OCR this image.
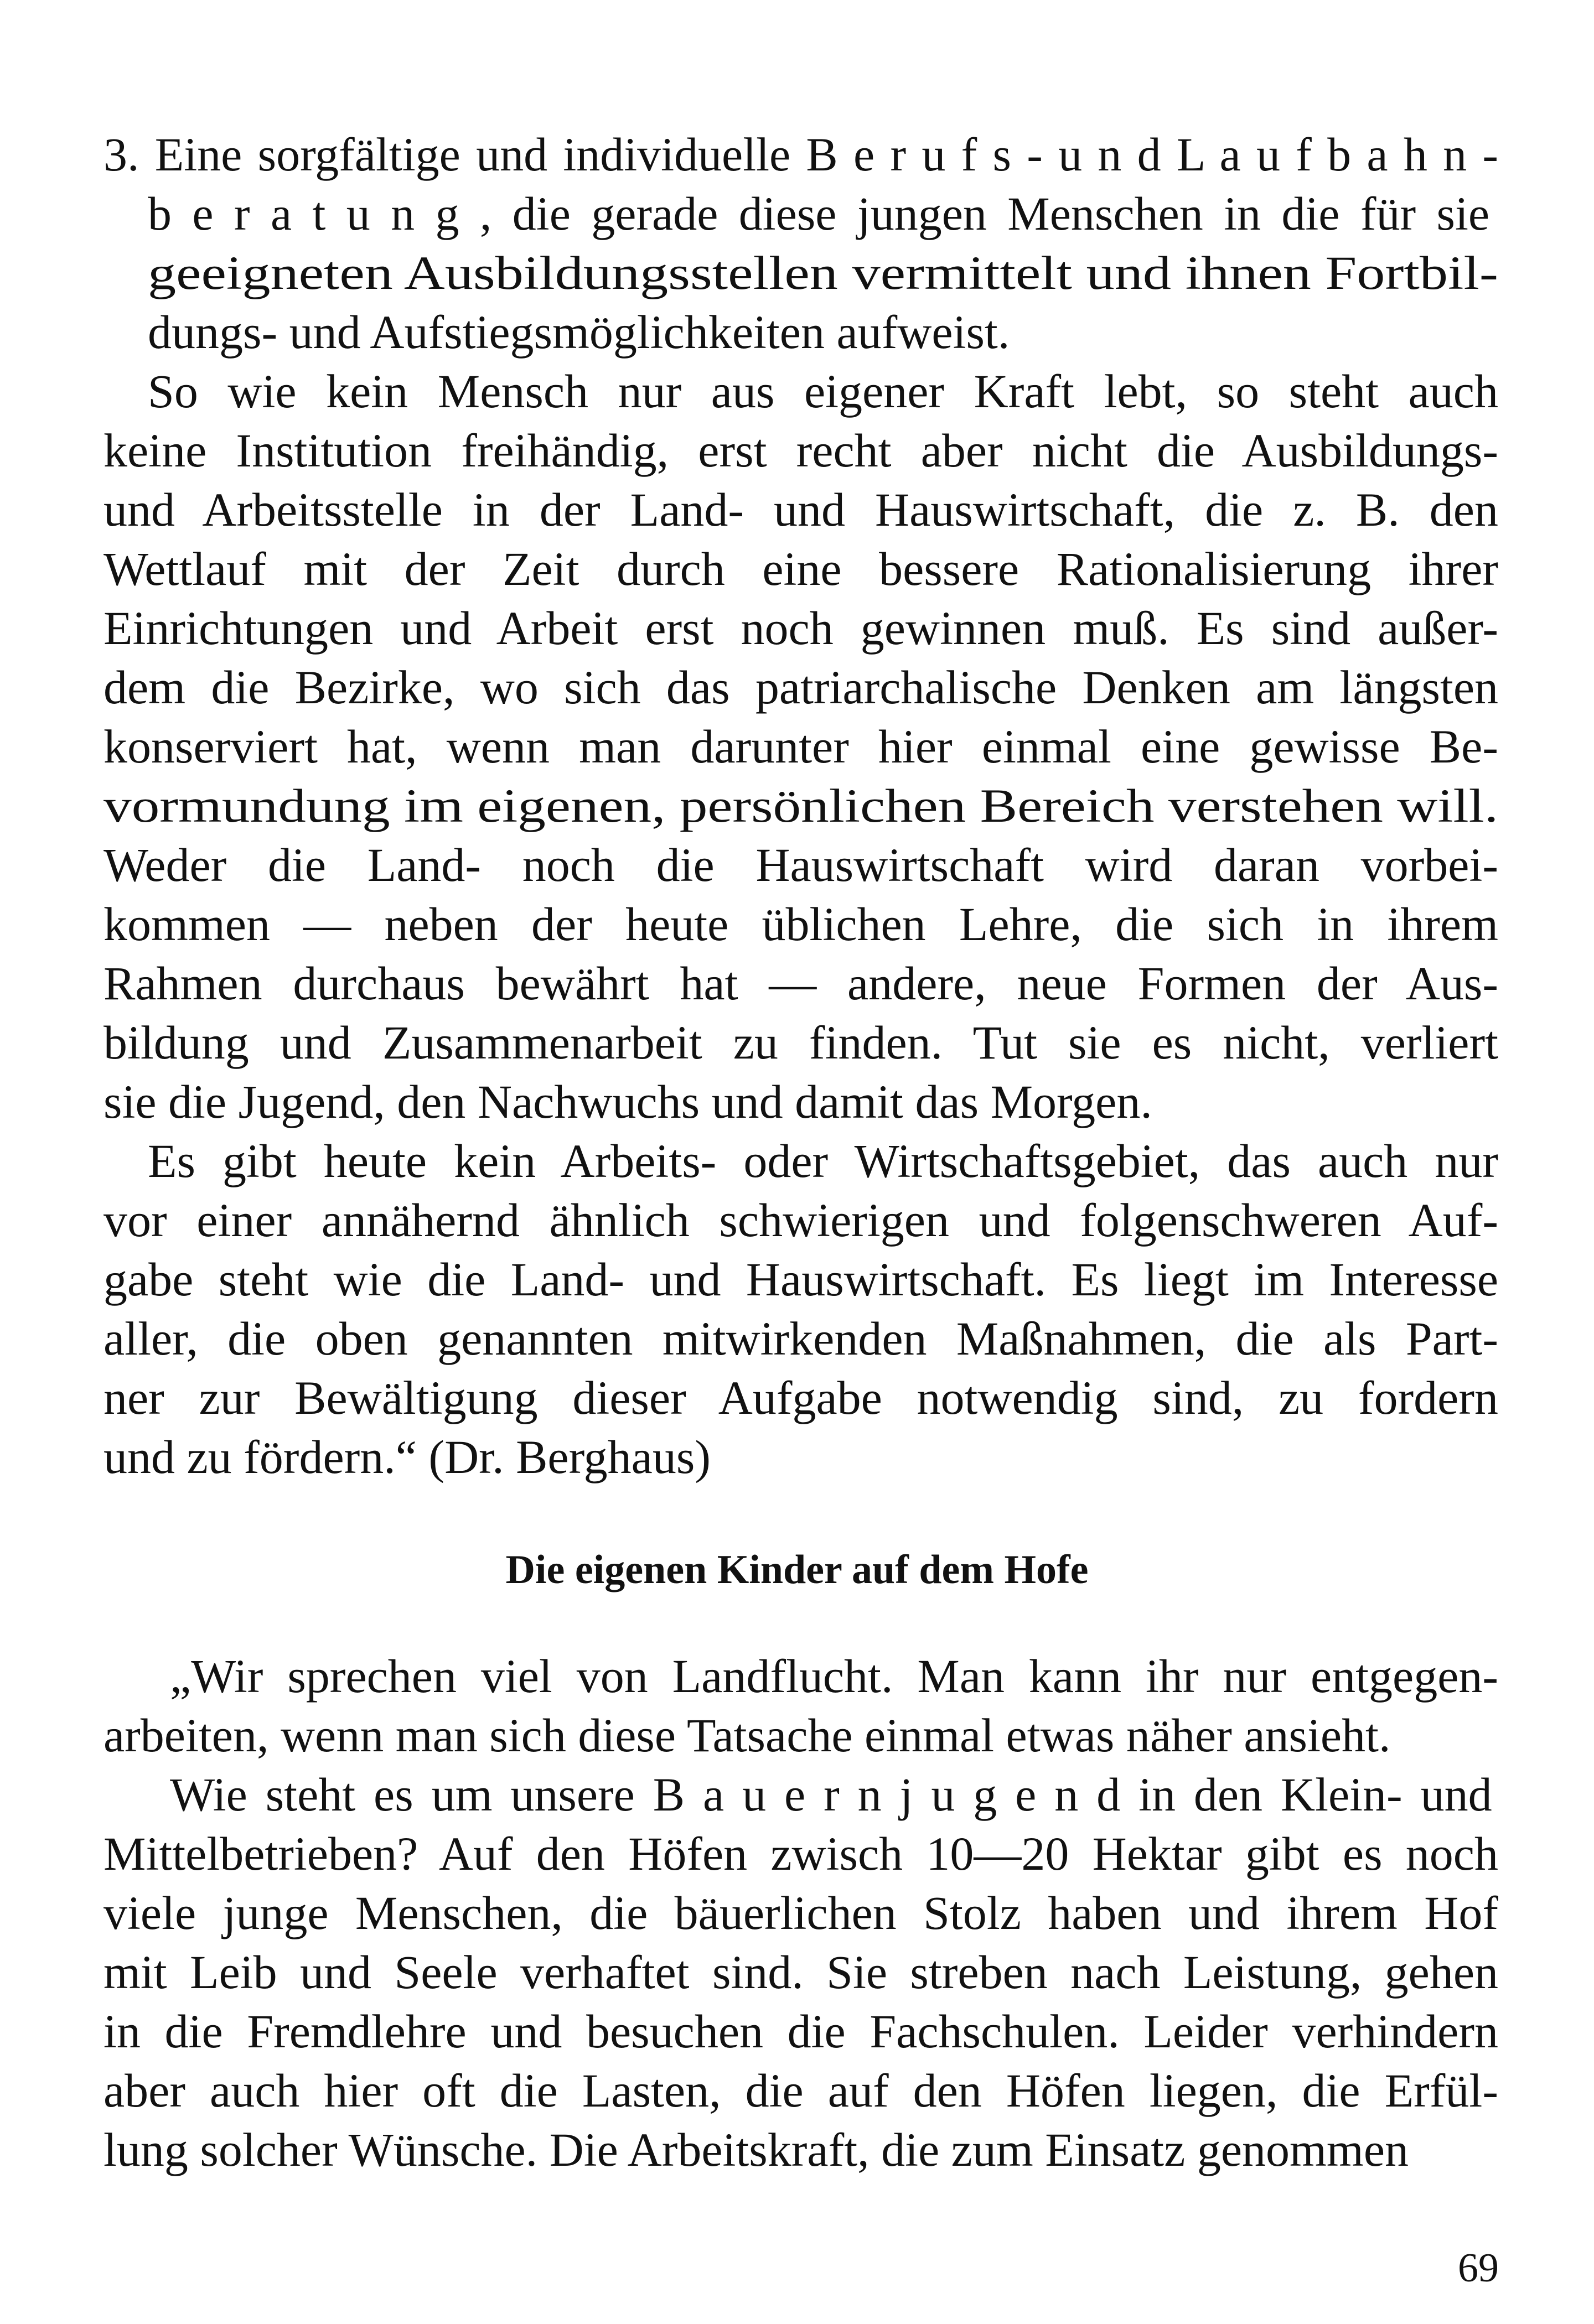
3. Eine sorgfältige und individuelle B e r u f s - u n d L a u f b a h n -
b e r a t u n g , die gerade diese jungen Menschen in die für sie
geeigneten Ausbildungsstellen vermittelt und ihnen Fortbil-
dungs- und Aufstiegsmöglichkeiten aufweist.
So wie kein Mensch nur aus eigener Kraft lebt, so steht auch
keine Institution freihändig, erst recht aber nicht die Ausbildungs-
und Arbeitsstelle in der Land- und Hauswirtschaft, die z. B. den
Wettlauf mit der Zeit durch eine bessere Rationalisierung ihrer
Einrichtungen und Arbeit erst noch gewinnen muß. Es sind außer-
dem die Bezirke, wo sich das patriarchalische Denken am längsten
konserviert hat, wenn man darunter hier einmal eine gewisse Be-
vormundung im eigenen, persönlichen Bereich verstehen will.
Weder die Land- noch die Hauswirtschaft wird daran vorbei-
kommen — neben der heute üblichen Lehre, die sich in ihrem
Rahmen durchaus bewährt hat — andere, neue Formen der Aus-
bildung und Zusammenarbeit zu finden. Tut sie es nicht, verliert
sie die Jugend, den Nachwuchs und damit das Morgen.
Es gibt heute kein Arbeits- oder Wirtschaftsgebiet, das auch nur
vor einer annähernd ähnlich schwierigen und folgenschweren Auf-
gabe steht wie die Land- und Hauswirtschaft. Es liegt im Interesse
aller, die oben genannten mitwirkenden Maßnahmen, die als Part-
ner zur Bewältigung dieser Aufgabe notwendig sind, zu fordern
und zu fördern.“ (Dr. Berghaus)
Die eigenen Kinder auf dem Hofe
„Wir sprechen viel von Landflucht. Man kann ihr nur entgegen-
arbeiten, wenn man sich diese Tatsache einmal etwas näher ansieht.
Wie steht es um unsere B a u e r n j u g e n d in den Klein- und
Mittelbetrieben? Auf den Höfen zwisch 10—20 Hektar gibt es noch
viele junge Menschen, die bäuerlichen Stolz haben und ihrem Hof
mit Leib und Seele verhaftet sind. Sie streben nach Leistung, gehen
in die Fremdlehre und besuchen die Fachschulen. Leider verhindern
aber auch hier oft die Lasten, die auf den Höfen liegen, die Erfül-
lung solcher Wünsche. Die Arbeitskraft, die zum Einsatz genommen
69
